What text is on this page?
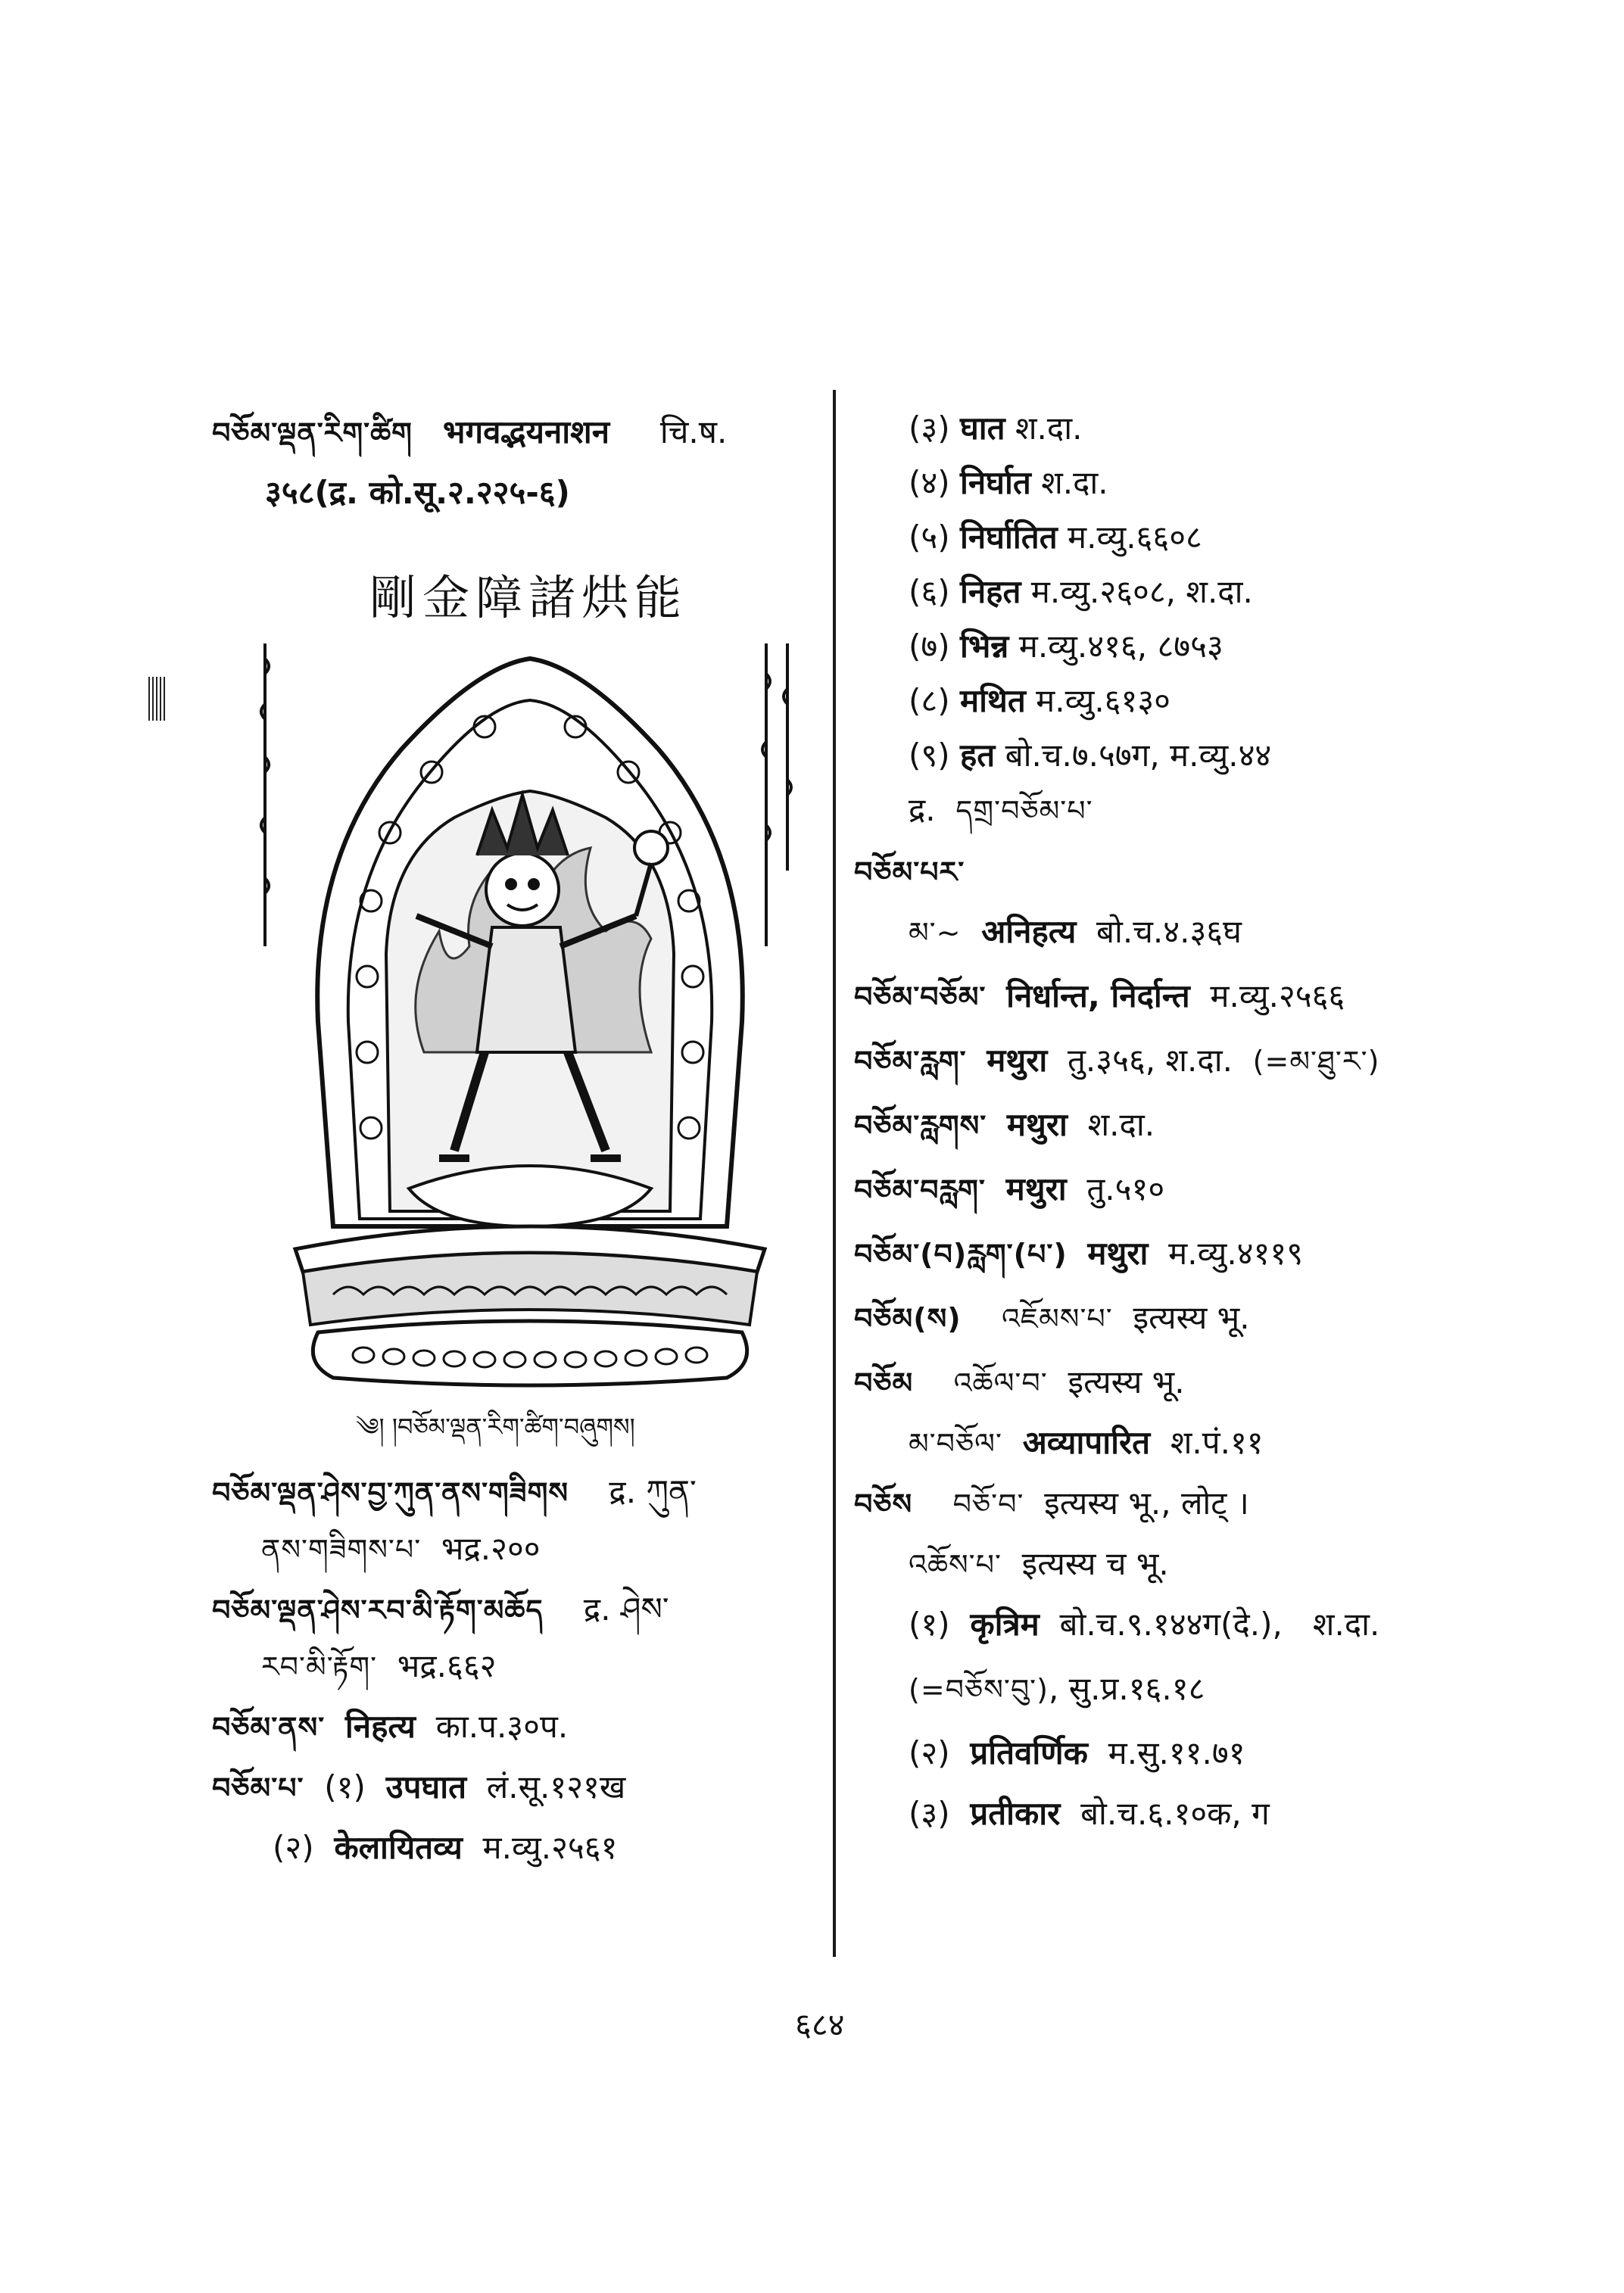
བཅོམ་ལྡན་རིག་ཚིག भगवद्भयनाशन चि.ष.
३५८(द्र. को.सू.२.२२५-६)
剛金障諸烘能
༄། །བཅོམ་ལྡན་རིག་ཚིག་བཞུགས།
བཅོམ་ལྡན་ཤེས་བྱ་ཀུན་ནས་གཟིགས द्र. ཀུན་
ནས་གཟིགས་པ་ भद्र.२००
བཅོམ་ལྡན་ཤེས་རབ་མི་རྟོག་མཆོད द्र. ཤེས་
རབ་མི་རྟོག་ भद्र.६६२
བཅོམ་ནས་ निहत्य का.प.३०प.
བཅོམ་པ་ (१) उपघात लं.सू.१२१ख
(२) केलायितव्य म.व्यु.२५६१
(३) घात श.दा.
(४) निर्घात श.दा.
(५) निर्घातित म.व्यु.६६०८
(६) निहत म.व्यु.२६०८, श.दा.
(७) भिन्न म.व्यु.४१६, ८७५३
(८) मथित म.व्यु.६१३०
(९) हत बो.च.७.५७ग, म.व्यु.४४
द्र. དགྲ་བཅོམ་པ་
བཅོམ་པར་
མ་~ अनिहत्य बो.च.४.३६घ
བཅོམ་བཅོམ་ निर्धान्त, निर्दान्त म.व्यु.२५६६
བཅོམ་རླག་ मथुरा तु.३५६, श.दा. (=མ་ཐུ་ར་)
བཅོམ་རླགས་ मथुरा श.दा.
བཅོམ་བརླག་ मथुरा तु.५१०
བཅོམ་(བ)རླག་(པ་) मथुरा म.व्यु.४११९
བཅོམ(ས) འཇོམས་པ་ इत्यस्य भू.
བཅོམ འཆོལ་བ་ इत्यस्य भू.
མ་བཅོལ་ अव्यापारित श.पं.११
བཅོས བཅོ་བ་ इत्यस्य भू., लोट् ।
འཆོས་པ་ इत्यस्य च भू.
(१) कृत्रिम बो.च.९.१४४ग(दे.), श.दा.
(=བཅོས་བུ་), सु.प्र.१६.१८
(२) प्रतिवर्णिक म.सु.११.७१
(३) प्रतीकार बो.च.६.१०क, ग
६८४
